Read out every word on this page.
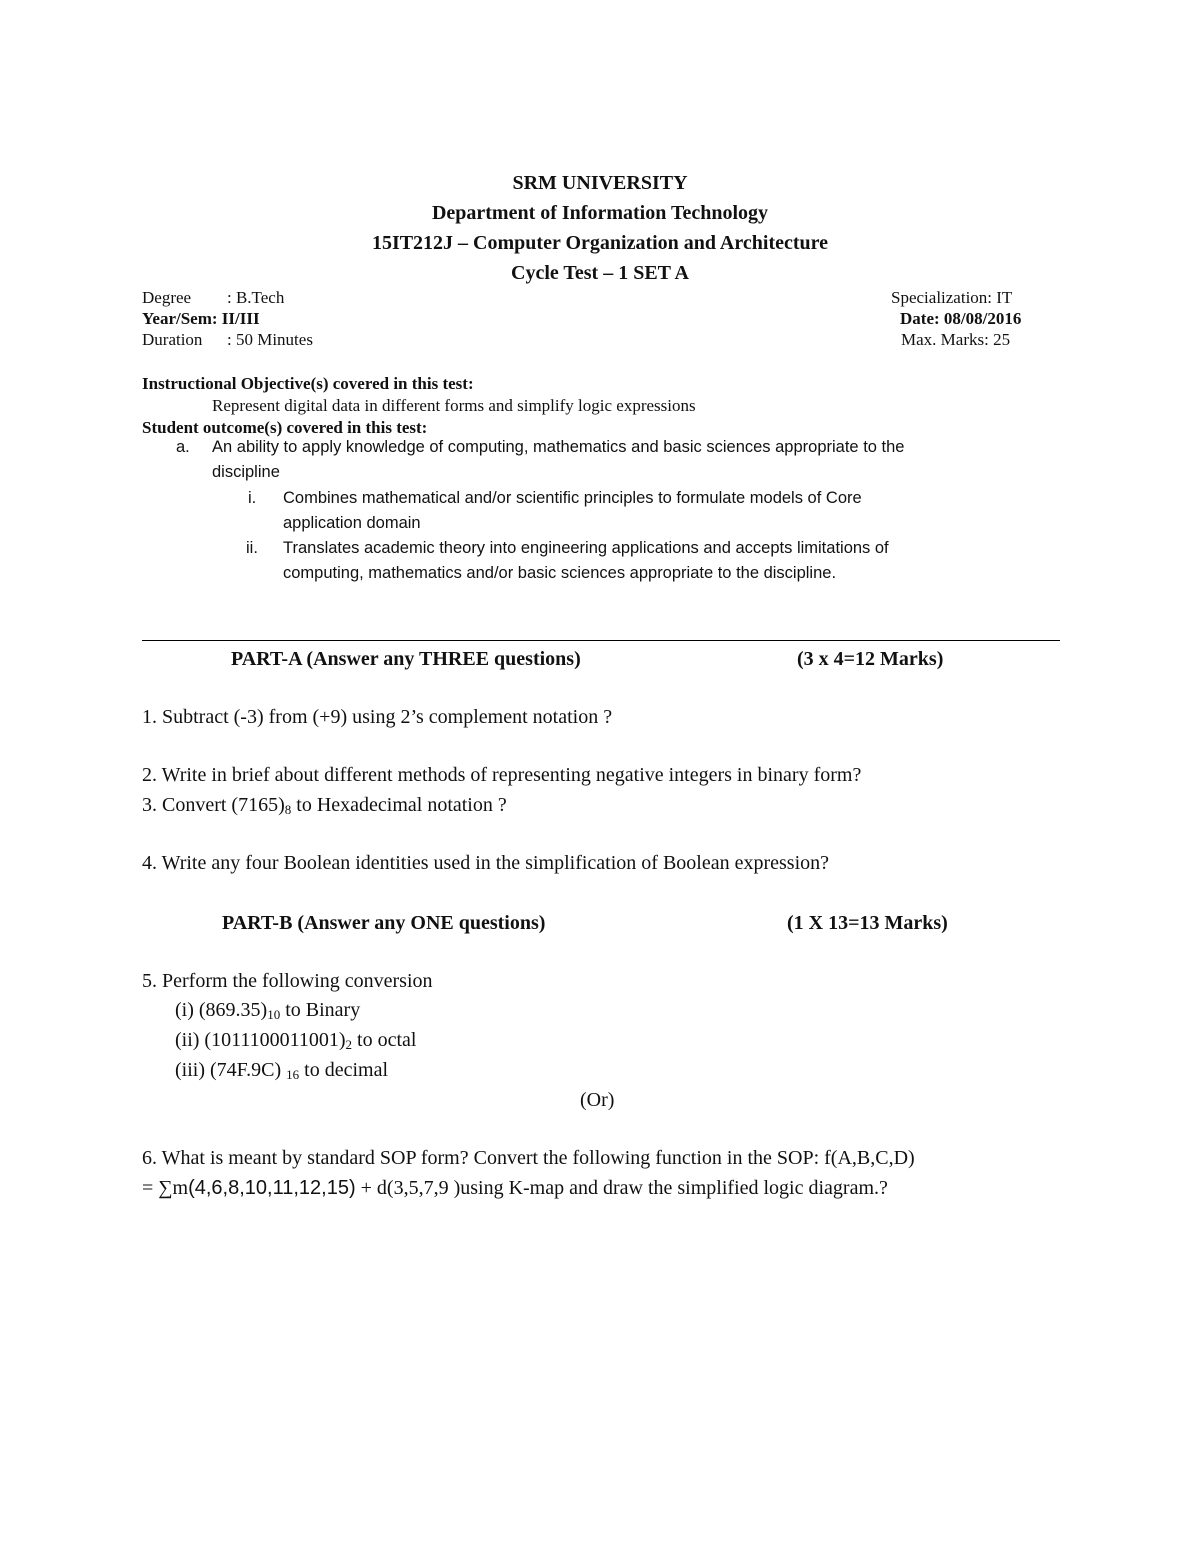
SRM UNIVERSITY
Department of Information Technology
15IT212J – Computer Organization and Architecture
Cycle Test – 1 SET A
Degree : B.Tech	Specialization: IT
Year/Sem: II/III	Date: 08/08/2016
Duration : 50 Minutes	Max. Marks: 25
Instructional Objective(s) covered in this test:
Represent digital data in different forms and simplify logic expressions
Student outcome(s) covered in this test:
a. An ability to apply knowledge of computing, mathematics and basic sciences appropriate to the
discipline
i. Combines mathematical and/or scientific principles to formulate models of Core
application domain
ii. Translates academic theory into engineering applications and accepts limitations of
computing, mathematics and/or basic sciences appropriate to the discipline.
PART-A (Answer any THREE questions)	(3 x 4=12 Marks)
1. Subtract (-3) from (+9) using 2’s complement notation ?
2. Write in brief about different methods of representing negative integers in binary form?
3. Convert $(7165)_8$ to Hexadecimal notation ?
4. Write any four Boolean identities used in the simplification of Boolean expression?
PART-B (Answer any ONE questions)	(1 X 13=13 Marks)
5. Perform the following conversion
(i) $(869.35)_{10}$ to Binary
(ii) $(1011100011001)_2$ to octal
(iii) (74F.9C) $_{16}$ to decimal
(Or)
6. What is meant by standard SOP form? Convert the following function in the SOP: f(A,B,C,D)
= ∑m(4,6,8,10,11,12,15) + d(3,5,7,9 )using K-map and draw the simplified logic diagram.?
